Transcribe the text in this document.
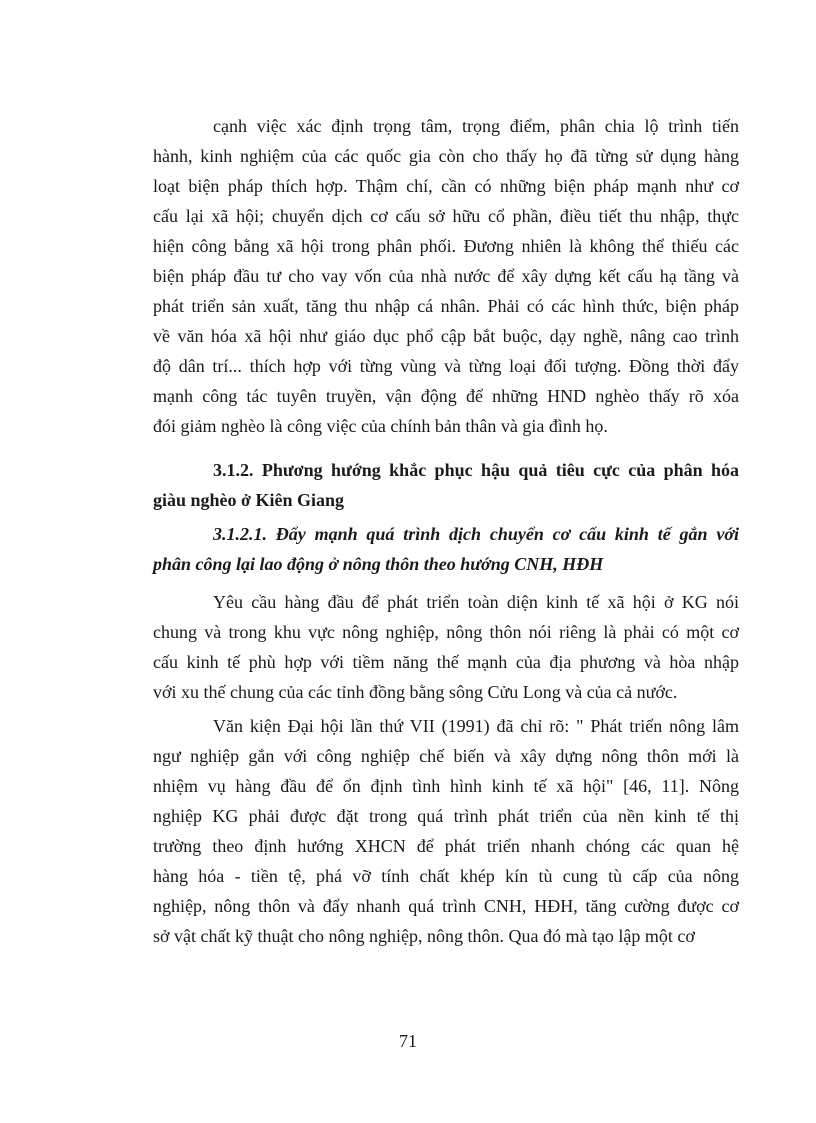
cạnh việc xác định trọng tâm, trọng điểm, phân chia lộ trình tiến
hành, kinh nghiệm của các quốc gia còn cho thấy họ đã từng sử dụng hàng
loạt biện pháp thích hợp. Thậm chí, cần có những biện pháp mạnh như cơ
cấu lại xã hội; chuyển dịch cơ cấu sở hữu cổ phần, điều tiết thu nhập, thực
hiện công bằng xã hội trong phân phối. Đương nhiên là không thể thiếu các
biện pháp đầu tư cho vay vốn của nhà nước để xây dựng kết cấu hạ tầng và
phát triển sản xuất, tăng thu nhập cá nhân. Phải có các hình thức, biện pháp
về văn hóa xã hội như giáo dục phổ cập bắt buộc, dạy nghề, nâng cao trình
độ dân trí... thích hợp với từng vùng và từng loại đối tượng. Đồng thời đẩy
mạnh công tác tuyên truyền, vận động để những HND nghèo thấy rõ xóa
đói giảm nghèo là công việc của chính bản thân và gia đình họ.
3.1.2. Phương hướng khắc phục hậu quả tiêu cực của phân hóa
giàu nghèo ở Kiên Giang
3.1.2.1. Đẩy mạnh quá trình dịch chuyển cơ cấu kinh tế gắn với
phân công lại lao động ở nông thôn theo hướng CNH, HĐH
Yêu cầu hàng đầu để phát triển toàn diện kinh tế xã hội ở KG nói
chung và trong khu vực nông nghiệp, nông thôn nói riêng là phải có một cơ
cấu kinh tế phù hợp với tiềm năng thế mạnh của địa phương và hòa nhập
với xu thế chung của các tỉnh đồng bằng sông Cửu Long và của cả nước.
Văn kiện Đại hội lần thứ VII (1991) đã chỉ rõ: " Phát triển nông lâm
ngư nghiệp gắn với công nghiệp chế biến và xây dựng nông thôn mới là
nhiệm vụ hàng đầu để ổn định tình hình kinh tế xã hội" [46, 11]. Nông
nghiệp KG phải được đặt trong quá trình phát triển của nền kinh tế thị
trường theo định hướng XHCN để phát triển nhanh chóng các quan hệ
hàng hóa - tiền tệ, phá vỡ tính chất khép kín tù cung tù cấp của nông
nghiệp, nông thôn và đẩy nhanh quá trình CNH, HĐH, tăng cường được cơ
sở vật chất kỹ thuật cho nông nghiệp, nông thôn. Qua đó mà tạo lập một cơ
71
